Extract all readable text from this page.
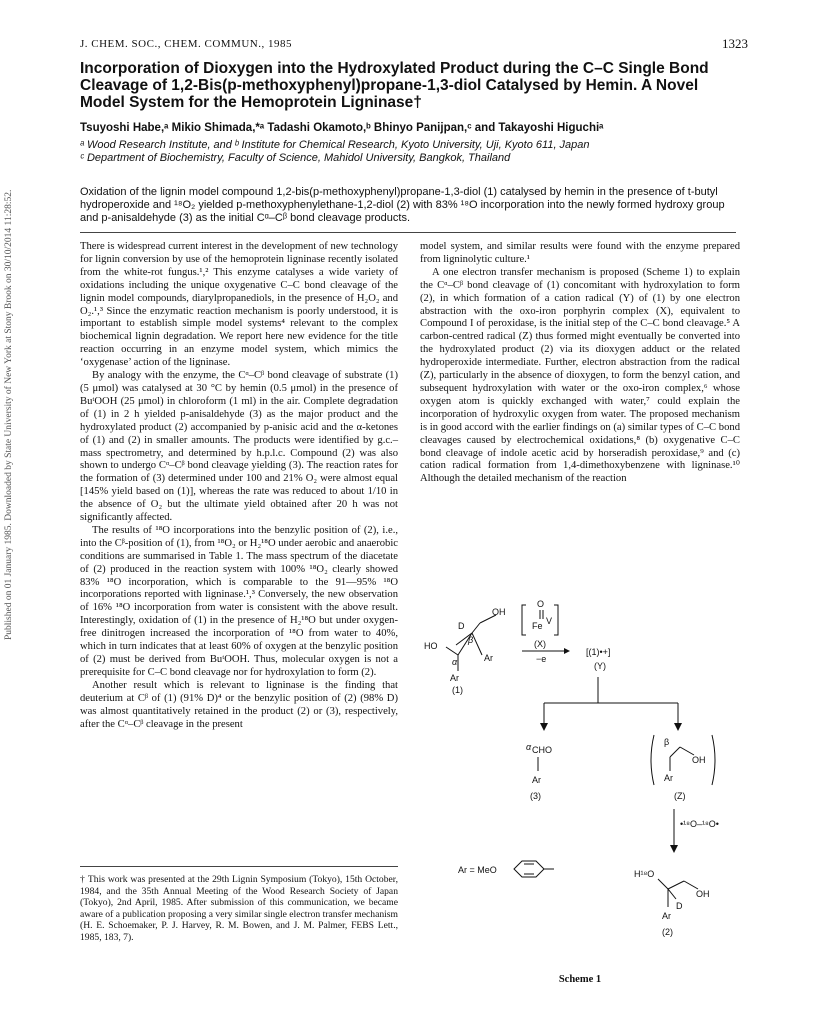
Published on 01 January 1985. Downloaded by State University of New York at Stony Brook on 30/10/2014 11:28:52.
J. CHEM. SOC., CHEM. COMMUN., 1985	1323
Incorporation of Dioxygen into the Hydroxylated Product during the C–C Single Bond Cleavage of 1,2-Bis(p-methoxyphenyl)propane-1,3-diol Catalysed by Hemin. A Novel Model System for the Hemoprotein Ligninase†
Tsuyoshi Habe,ᵃ Mikio Shimada,*ᵃ Tadashi Okamoto,ᵇ Bhinyo Panijpan,ᶜ and Takayoshi Higuchiᵃ
ᵃ Wood Research Institute, and ᵇ Institute for Chemical Research, Kyoto University, Uji, Kyoto 611, Japan
ᶜ Department of Biochemistry, Faculty of Science, Mahidol University, Bangkok, Thailand
Oxidation of the lignin model compound 1,2-bis(p-methoxyphenyl)propane-1,3-diol (1) catalysed by hemin in the presence of t-butyl hydroperoxide and ¹⁸O₂ yielded p-methoxyphenylethane-1,2-diol (2) with 83% ¹⁸O incorporation into the newly formed hydroxy group and p-anisaldehyde (3) as the initial Cᵅ–Cᵝ bond cleavage products.

There is widespread current interest in the development of new technology for lignin conversion by use of the hemoprotein ligninase recently isolated from the white-rot fungus.¹,² This enzyme catalyses a wide variety of oxidations including the unique oxygenative C–C bond cleavage of the lignin model compounds, diarylpropanediols, in the presence of H₂O₂ and O₂.¹,³ Since the enzymatic reaction mechanism is poorly understood, it is important to establish simple model systems⁴ relevant to the complex biochemical lignin degradation. We report here new evidence for the title reaction occurring in an enzyme model system, which mimics the ‘oxygenase’ action of the ligninase.

By analogy with the enzyme, the Cᵅ–Cᵝ bond cleavage of substrate (1) (5 μmol) was catalysed at 30 °C by hemin (0.5 μmol) in the presence of BuᵗOOH (25 μmol) in chloroform (1 ml) in the air. Complete degradation of (1) in 2 h yielded p-anisaldehyde (3) as the major product and the hydroxylated product (2) accompanied by p-anisic acid and the α-ketones of (1) and (2) in smaller amounts. The products were identified by g.c.–mass spectrometry, and determined by h.p.l.c. Compound (2) was also shown to undergo Cᵅ–Cᵝ bond cleavage yielding (3). The reaction rates for the formation of (3) determined under 100 and 21% O₂ were almost equal [145% yield based on (1)], whereas the rate was reduced to about 1/10 in the absence of O₂ but the ultimate yield obtained after 20 h was not significantly affected.

The results of ¹⁸O incorporations into the benzylic position of (2), i.e., into the Cᵝ-position of (1), from ¹⁸O₂ or H₂¹⁸O under aerobic and anaerobic conditions are summarised in Table 1. The mass spectrum of the diacetate of (2) produced in the reaction system with 100% ¹⁸O₂ clearly showed 83% ¹⁸O incorporation, which is comparable to the 91—95% ¹⁸O incorporations reported with ligninase.¹,³ Conversely, the new observation of 16% ¹⁸O incorporation from water is consistent with the above result. Interestingly, oxidation of (1) in the presence of H₂¹⁸O but under oxygen-free dinitrogen increased the incorporation of ¹⁸O from water to 40%, which in turn indicates that at least 60% of oxygen at the benzylic position of (2) must be derived from BuᵗOOH. Thus, molecular oxygen is not a prerequisite for C–C bond cleavage nor for hydroxylation to form (2).

Another result which is relevant to ligninase is the finding that deuterium at Cᵝ of (1) (91% D)⁴ or the benzylic position of (2) (98% D) was almost quantitatively retained in the product (2) or (3), respectively, after the Cᵅ–Cᵝ cleavage in the present

model system, and similar results were found with the enzyme prepared from ligninolytic culture.¹

A one electron transfer mechanism is proposed (Scheme 1) to explain the Cᵅ–Cᵝ bond cleavage of (1) concomitant with hydroxylation to form (2), in which formation of a cation radical (Y) of (1) by one electron abstraction with the oxo-iron porphyrin complex (X), equivalent to Compound I of peroxidase, is the initial step of the C–C bond cleavage.⁵ A carbon-centred radical (Z) thus formed might eventually be converted into the hydroxylated product (2) via its dioxygen adduct or the related hydroperoxide intermediate. Further, electron abstraction from the radical (Z), particularly in the absence of dioxygen, to form the benzyl cation, and subsequent hydroxylation with water or the oxo-iron complex,⁶ whose oxygen atom is quickly exchanged with water,⁷ could explain the incorporation of hydroxylic oxygen from water. The proposed mechanism is in good accord with the earlier findings on (a) similar types of C–C bond cleavages caused by electrochemical oxidations,⁸ (b) oxygenative C–C bond cleavage of indole acetic acid by horseradish peroxidase,⁹ and (c) cation radical formation from 1,4-dimethoxybenzene with ligninase.¹⁰ Although the detailed mechanism of the reaction

† This work was presented at the 29th Lignin Symposium (Tokyo), 15th October, 1984, and the 35th Annual Meeting of the Wood Research Society of Japan (Tokyo), 2nd April, 1985. After submission of this communication, we became aware of a publication proposing a very similar single electron transfer mechanism (H. E. Schoemaker, P. J. Harvey, R. M. Bowen, and J. M. Palmer, FEBS Lett., 1985, 183, 7).
OH
HO
D
β
α	Ar
Ar
(1)
O
Fe V
(X)
−e
[(1)•+]
(Y)
α CHO
Ar
(3)
β
OH
Ar
(Z)
•¹⁸O–¹⁸O•
Ar = MeO	H¹⁸O
OH
D
Ar
(2)
Scheme 1
